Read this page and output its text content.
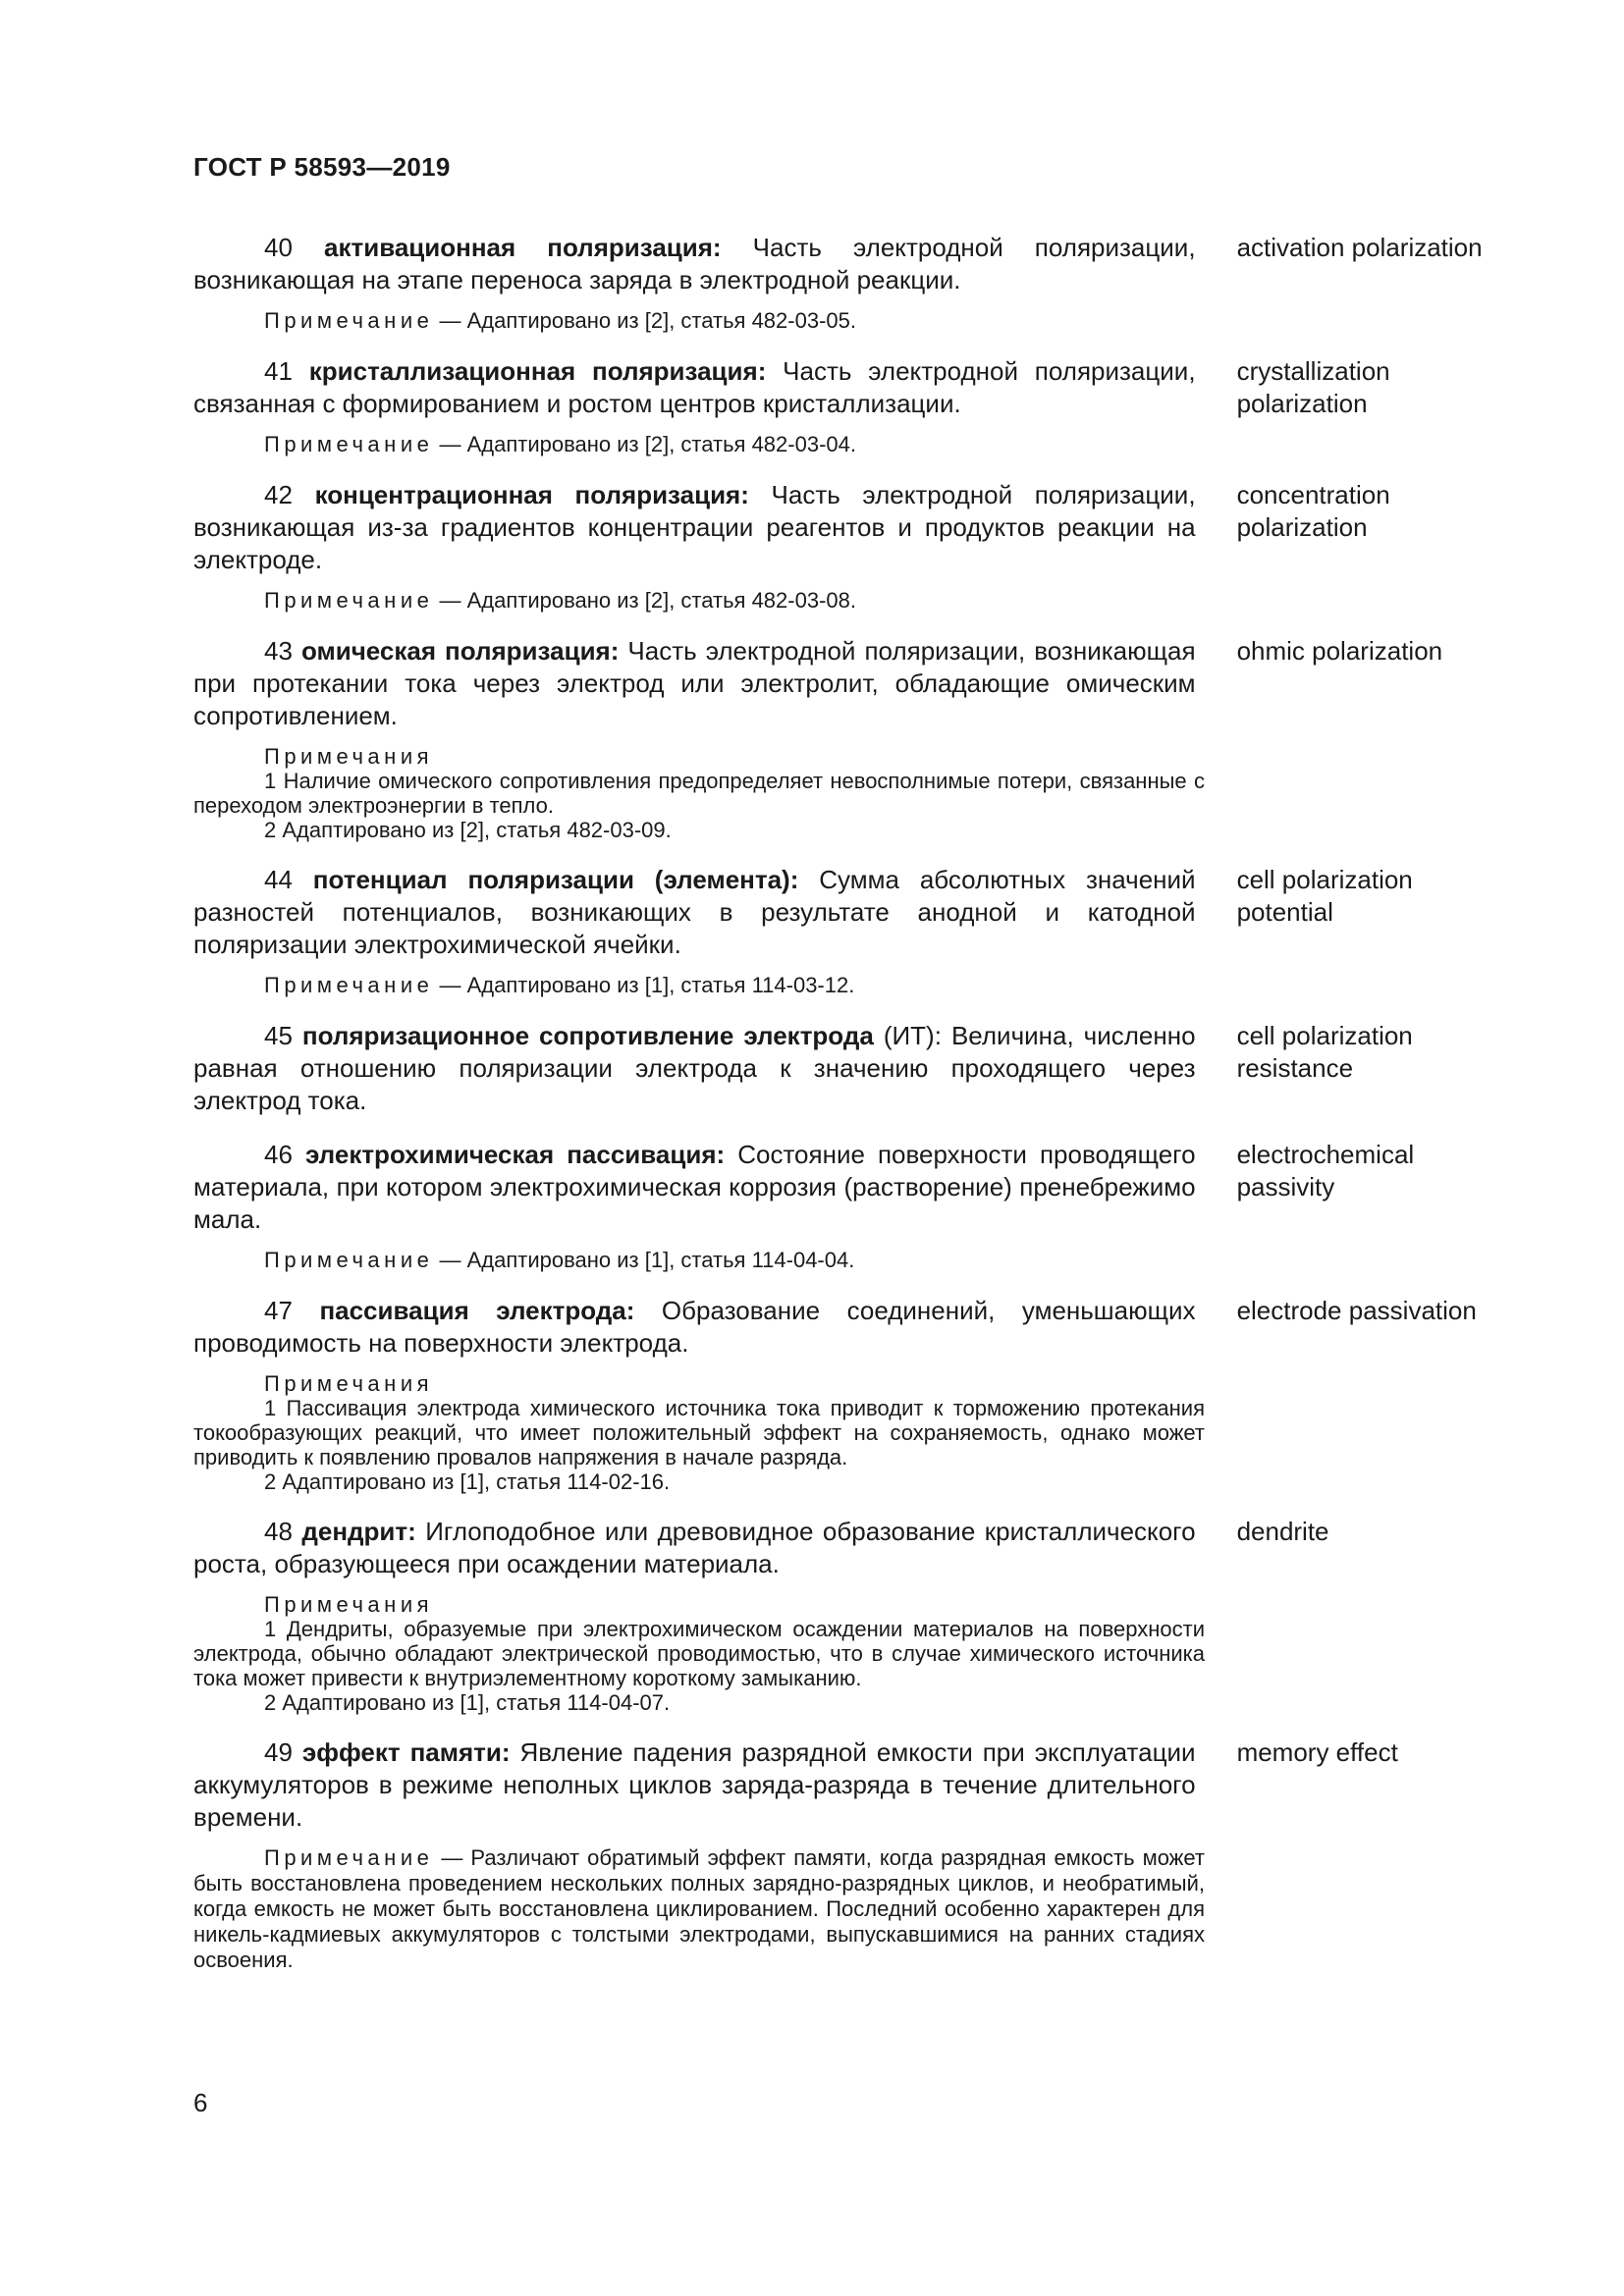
ГОСТ Р 58593—2019
40 активационная поляризация: Часть электродной поляризации, возникающая на этапе переноса заряда в электродной реакции.
activation polarization
Примечание — Адаптировано из [2], статья 482-03-05.
41 кристаллизационная поляризация: Часть электродной поляризации, связанная с формированием и ростом центров кристаллизации.
crystallization polarization
Примечание — Адаптировано из [2], статья 482-03-04.
42 концентрационная поляризация: Часть электродной поляризации, возникающая из-за градиентов концентрации реагентов и продуктов реакции на электроде.
concentration polarization
Примечание — Адаптировано из [2], статья 482-03-08.
43 омическая поляризация: Часть электродной поляризации, возникающая при протекании тока через электрод или электролит, обладающие омическим сопротивлением.
ohmic polarization
Примечания
1 Наличие омического сопротивления предопределяет невосполнимые потери, связанные с переходом электроэнергии в тепло.
2 Адаптировано из [2], статья 482-03-09.
44 потенциал поляризации (элемента): Сумма абсолютных значений разностей потенциалов, возникающих в результате анодной и катодной поляризации электрохимической ячейки.
cell polarization potential
Примечание — Адаптировано из [1], статья 114-03-12.
45 поляризационное сопротивление электрода (ИТ): Величина, численно равная отношению поляризации электрода к значению проходящего через электрод тока.
cell polarization resistance
46 электрохимическая пассивация: Состояние поверхности проводящего материала, при котором электрохимическая коррозия (растворение) пренебрежимо мала.
electrochemical passivity
Примечание — Адаптировано из [1], статья 114-04-04.
47 пассивация электрода: Образование соединений, уменьшающих проводимость на поверхности электрода.
electrode passivation
Примечания
1 Пассивация электрода химического источника тока приводит к торможению протекания токообразующих реакций, что имеет положительный эффект на сохраняемость, однако может приводить к появлению провалов напряжения в начале разряда.
2 Адаптировано из [1], статья 114-02-16.
48 дендрит: Иглоподобное или древовидное образование кристаллического роста, образующееся при осаждении материала.
dendrite
Примечания
1 Дендриты, образуемые при электрохимическом осаждении материалов на поверхности электрода, обычно обладают электрической проводимостью, что в случае химического источника тока может привести к внутриэлементному короткому замыканию.
2 Адаптировано из [1], статья 114-04-07.
49 эффект памяти: Явление падения разрядной емкости при эксплуатации аккумуляторов в режиме неполных циклов заряда-разряда в течение длительного времени.
memory effect
Примечание — Различают обратимый эффект памяти, когда разрядная емкость может быть восстановлена проведением нескольких полных зарядно-разрядных циклов, и необратимый, когда емкость не может быть восстановлена циклированием. Последний особенно характерен для никель-кадмиевых аккумуляторов с толстыми электродами, выпускавшимися на ранних стадиях освоения.
6
